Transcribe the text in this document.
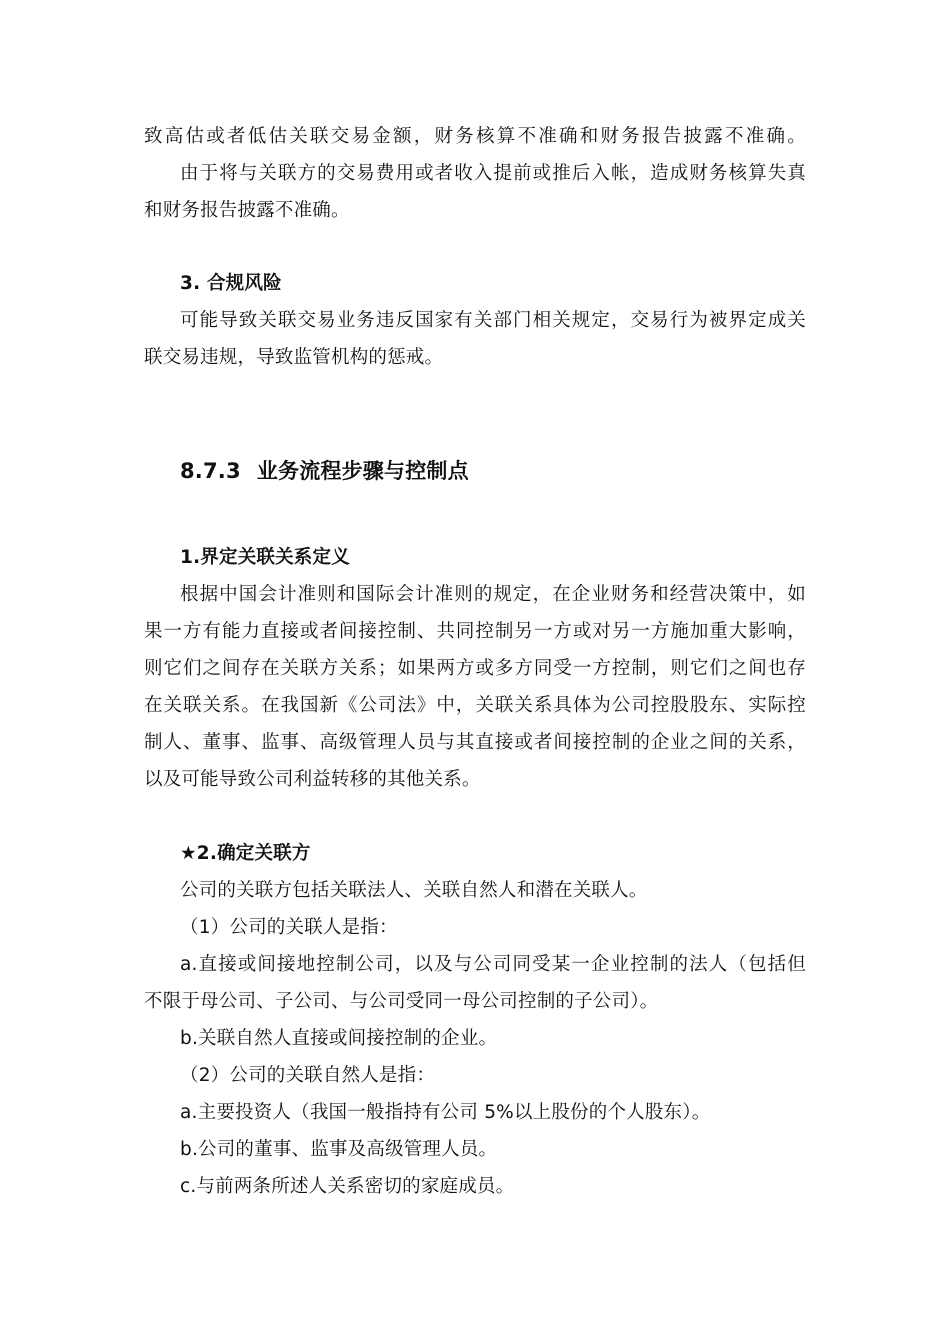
致高估或者低估关联交易金额，财务核算不准确和财务报告披露不准确。
由于将与关联方的交易费用或者收入提前或推后入帐，造成财务核算失真
和财务报告披露不准确。
3. 合规风险
可能导致关联交易业务违反国家有关部门相关规定，交易行为被界定成关
联交易违规，导致监管机构的惩戒。
8.7.3 业务流程步骤与控制点
1.界定关联关系定义
根据中国会计准则和国际会计准则的规定，在企业财务和经营决策中，如
果一方有能力直接或者间接控制、共同控制另一方或对另一方施加重大影响，
则它们之间存在关联方关系；如果两方或多方同受一方控制，则它们之间也存
在关联关系。在我国新《公司法》中，关联关系具体为公司控股股东、实际控
制人、董事、监事、高级管理人员与其直接或者间接控制的企业之间的关系，
以及可能导致公司利益转移的其他关系。
★2.确定关联方
公司的关联方包括关联法人、关联自然人和潜在关联人。
（1）公司的关联人是指：
a.直接或间接地控制公司，以及与公司同受某一企业控制的法人（包括但
不限于母公司、子公司、与公司受同一母公司控制的子公司）。
b.关联自然人直接或间接控制的企业。
（2）公司的关联自然人是指：
a.主要投资人（我国一般指持有公司 5%以上股份的个人股东）。
b.公司的董事、监事及高级管理人员。
c.与前两条所述人关系密切的家庭成员。
